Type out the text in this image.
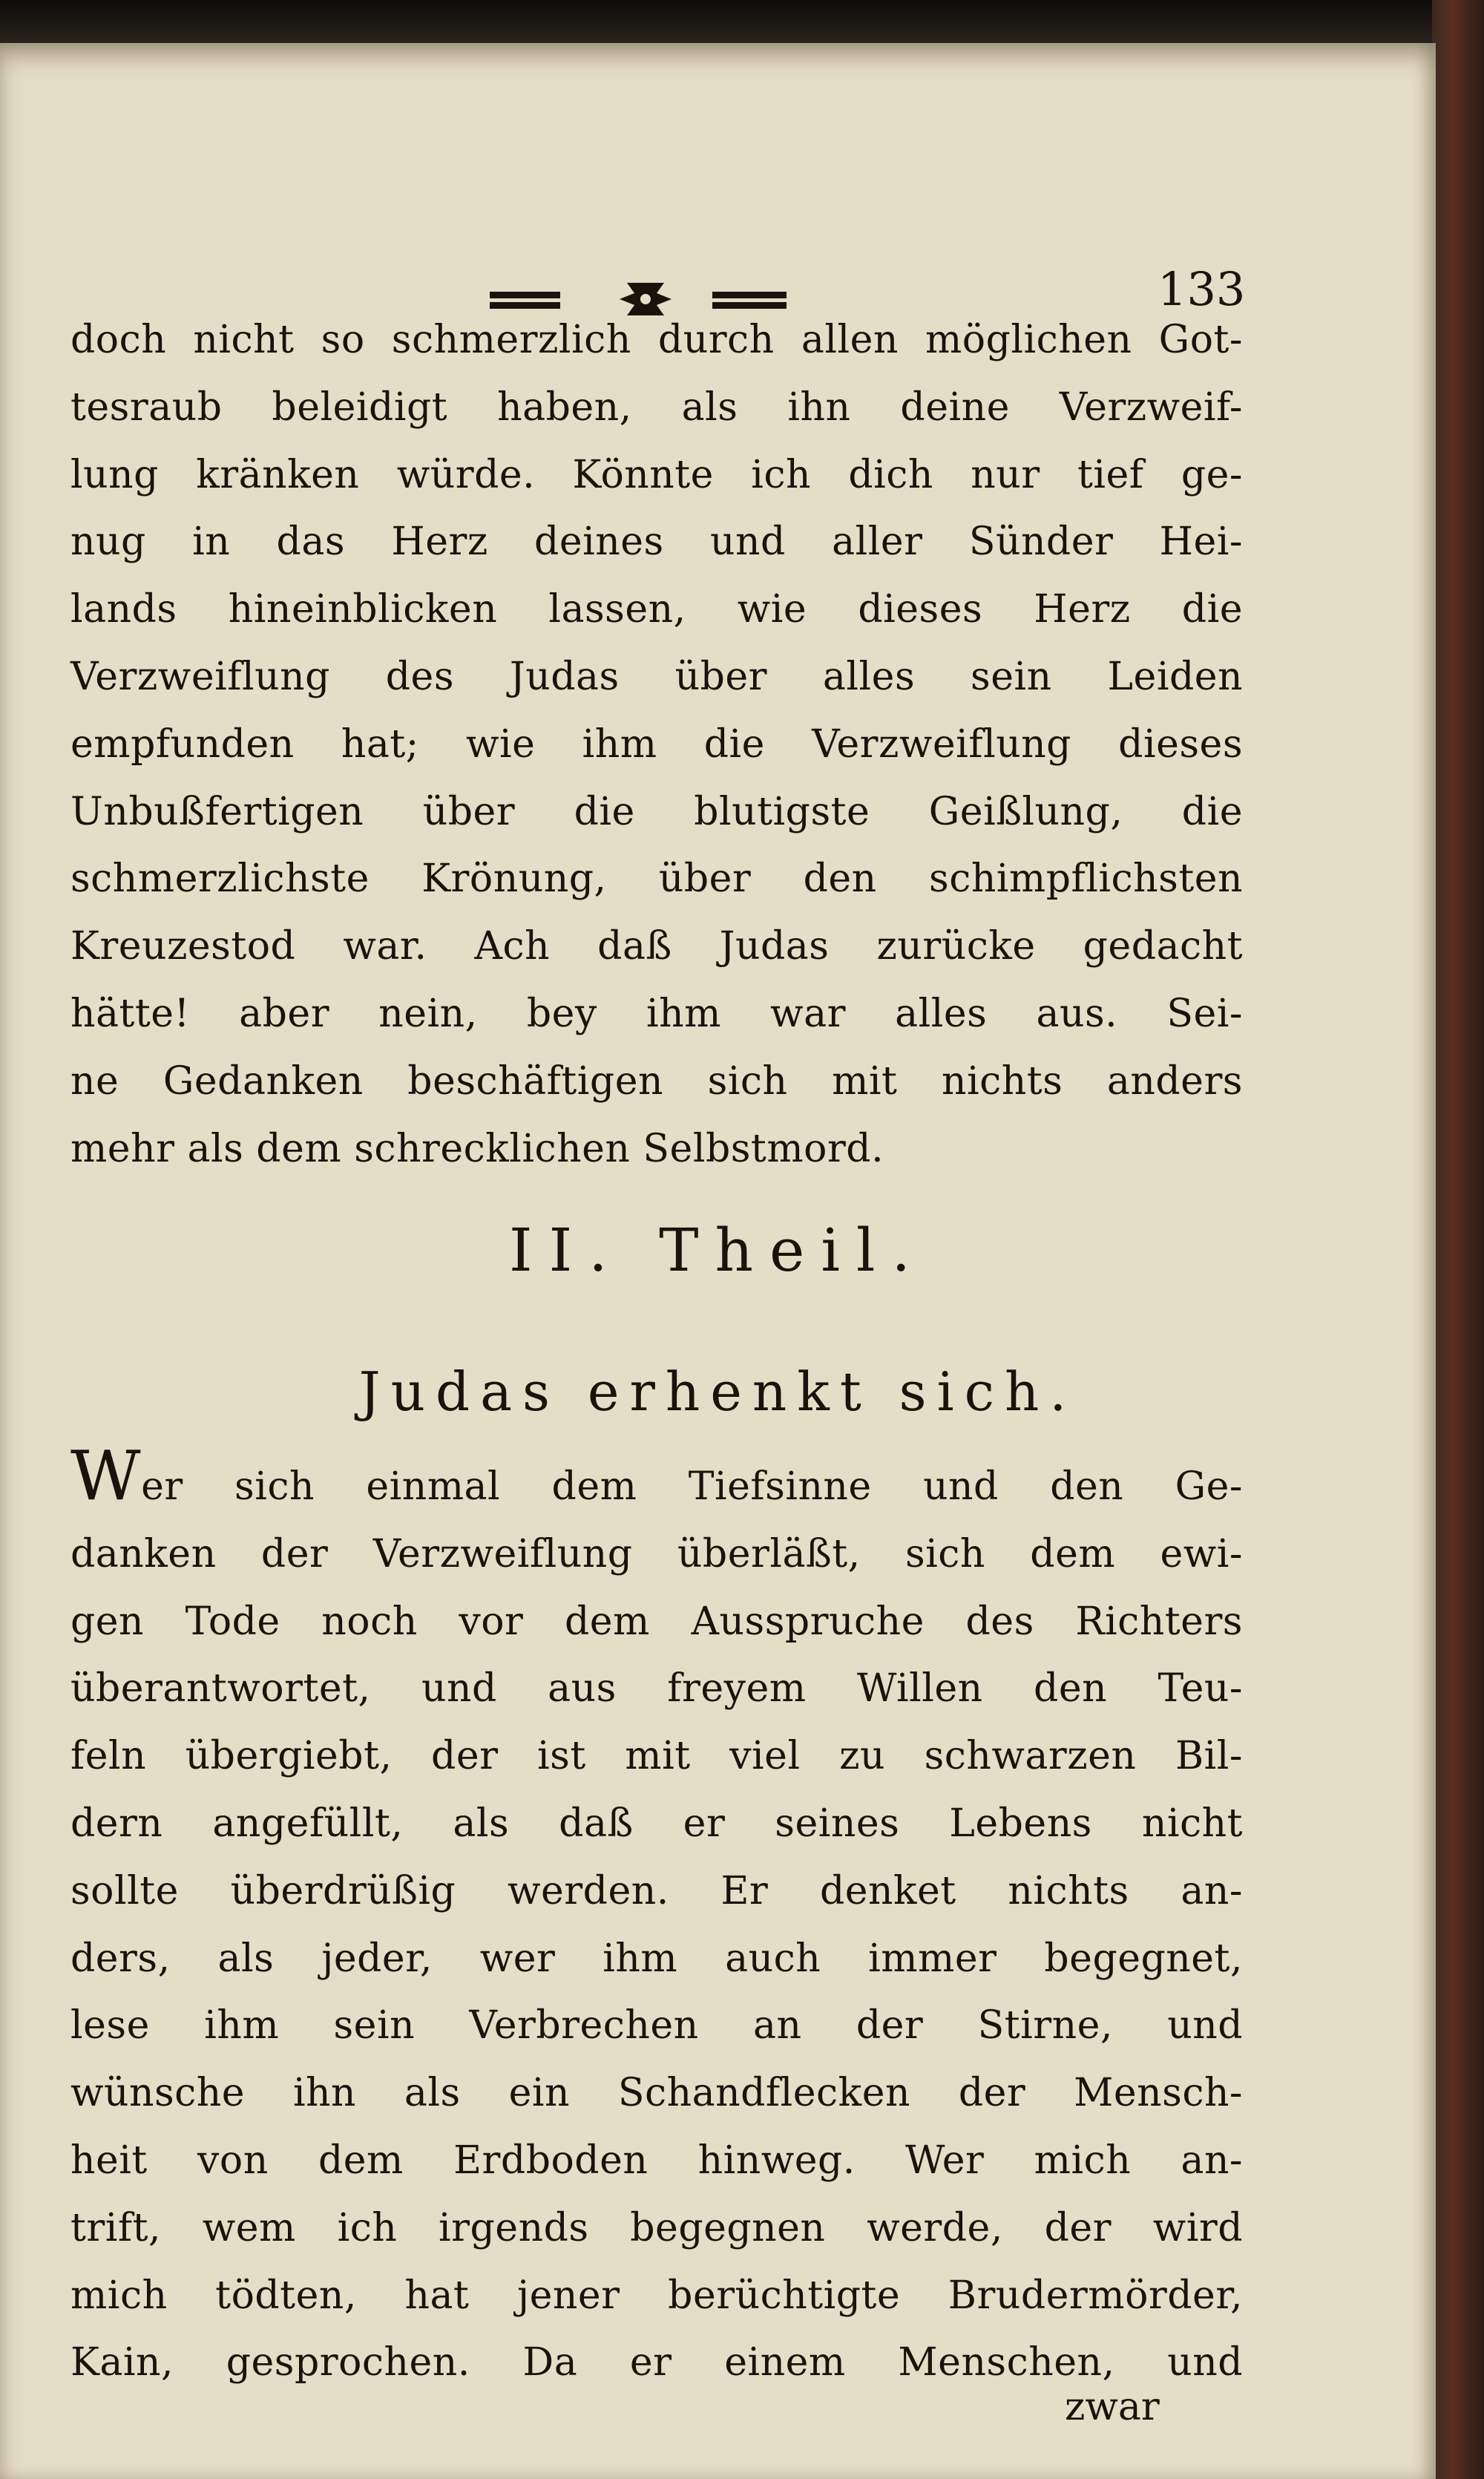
133
doch nicht so schmerzlich durch allen möglichen Got-
tesraub beleidigt haben, als ihn deine Verzweif-
lung kränken würde. Könnte ich dich nur tief ge-
nug in das Herz deines und aller Sünder Hei-
lands hineinblicken lassen, wie dieses Herz die
Verzweiflung des Judas über alles sein Leiden
empfunden hat; wie ihm die Verzweiflung dieses
Unbußfertigen über die blutigste Geißlung, die
schmerzlichste Krönung, über den schimpflichsten
Kreuzestod war. Ach daß Judas zurücke gedacht
hätte! aber nein, bey ihm war alles aus. Sei-
ne Gedanken beschäftigen sich mit nichts anders
mehr als dem schrecklichen Selbstmord.
II. Theil.
Judas erhenkt sich.
Wer sich einmal dem Tiefsinne und den Ge-
danken der Verzweiflung überläßt, sich dem ewi-
gen Tode noch vor dem Ausspruche des Richters
überantwortet, und aus freyem Willen den Teu-
feln übergiebt, der ist mit viel zu schwarzen Bil-
dern angefüllt, als daß er seines Lebens nicht
sollte überdrüßig werden. Er denket nichts an-
ders, als jeder, wer ihm auch immer begegnet,
lese ihm sein Verbrechen an der Stirne, und
wünsche ihn als ein Schandflecken der Mensch-
heit von dem Erdboden hinweg. Wer mich an-
trift, wem ich irgends begegnen werde, der wird
mich tödten, hat jener berüchtigte Brudermörder,
Kain, gesprochen. Da er einem Menschen, und
zwar
